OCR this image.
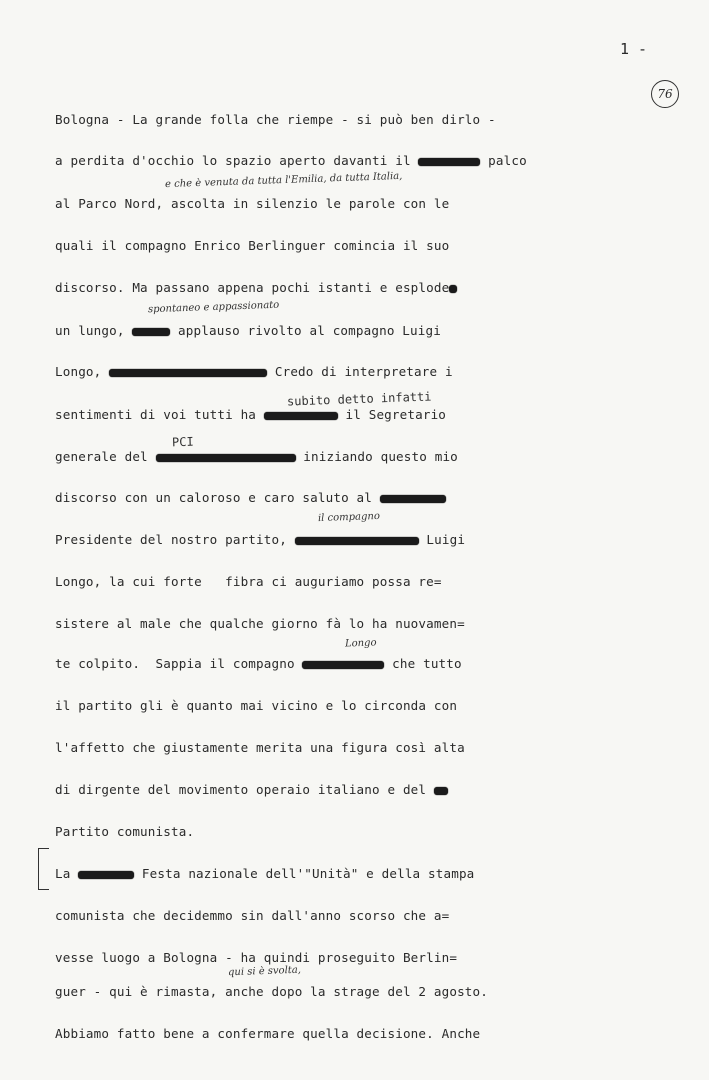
1 -
76
Bologna - La grande folla che riempe - si può ben dirlo -
a perdita d'occhio lo spazio aperto davanti il	palco
e che è venuta da tutta l'Emilia, da tutta Italia,
al Parco Nord, ascolta in silenzio le parole con le
quali il compagno Enrico Berlinguer comincia il suo
discorso. Ma passano appena pochi istanti e esplode
spontaneo e appassionato
un lungo,	applauso rivolto al compagno Luigi
Longo,	Credo di interpretare i
subito detto infatti
sentimenti di voi tutti ha	il Segretario
PCI
generale del	iniziando questo mio
discorso con un caloroso e caro saluto al
il compagno
Presidente del nostro partito,	Luigi
Longo, la cui forte   fibra ci auguriamo possa re=
sistere al male che qualche giorno fà lo ha nuovamen=
Longo
te colpito.  Sappia il compagno	che tutto
il partito gli è quanto mai vicino e lo circonda con
l'affetto che giustamente merita una figura così alta
di dirgente del movimento operaio italiano e del
Partito comunista.
La	Festa nazionale dell'"Unità" e della stampa
comunista che decidemmo sin dall'anno scorso che a=
vesse luogo a Bologna - ha quindi proseguito Berlin=
qui si è svolta,
guer - qui è rimasta, anche dopo la strage del 2 agosto.
Abbiamo fatto bene a confermare quella decisione. Anche
